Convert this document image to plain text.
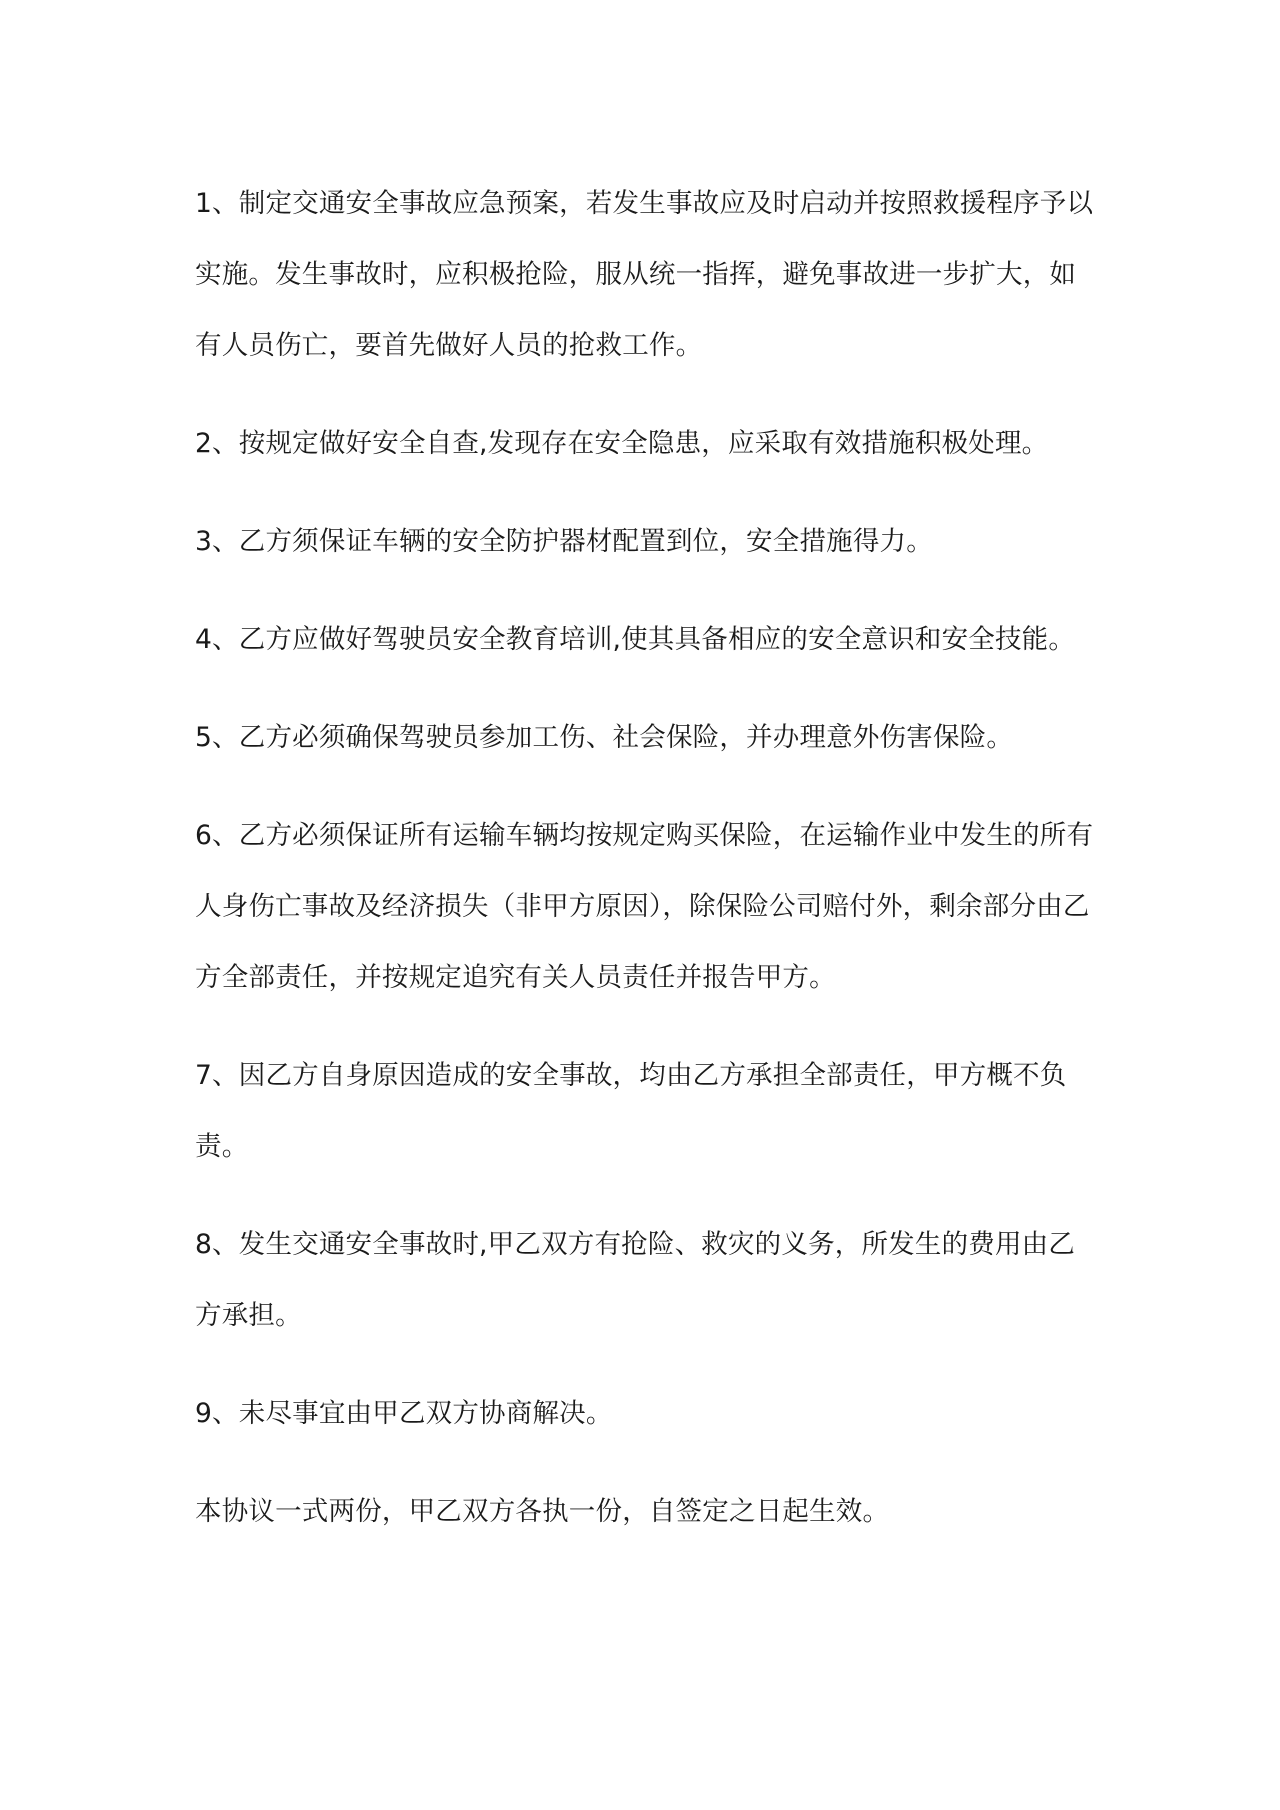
1、制定交通安全事故应急预案，若发生事故应及时启动并按照救援程序予以实施。发生事故时，应积极抢险，服从统一指挥，避免事故进一步扩大，如有人员伤亡，要首先做好人员的抢救工作。

2、按规定做好安全自查,发现存在安全隐患，应采取有效措施积极处理。

3、乙方须保证车辆的安全防护器材配置到位，安全措施得力。

4、乙方应做好驾驶员安全教育培训,使其具备相应的安全意识和安全技能。

5、乙方必须确保驾驶员参加工伤、社会保险，并办理意外伤害保险。

6、乙方必须保证所有运输车辆均按规定购买保险，在运输作业中发生的所有人身伤亡事故及经济损失（非甲方原因），除保险公司赔付外，剩余部分由乙方全部责任，并按规定追究有关人员责任并报告甲方。

7、因乙方自身原因造成的安全事故，均由乙方承担全部责任，甲方概不负责。

8、发生交通安全事故时,甲乙双方有抢险、救灾的义务，所发生的费用由乙方承担。

9、未尽事宜由甲乙双方协商解决。

本协议一式两份，甲乙双方各执一份，自签定之日起生效。
